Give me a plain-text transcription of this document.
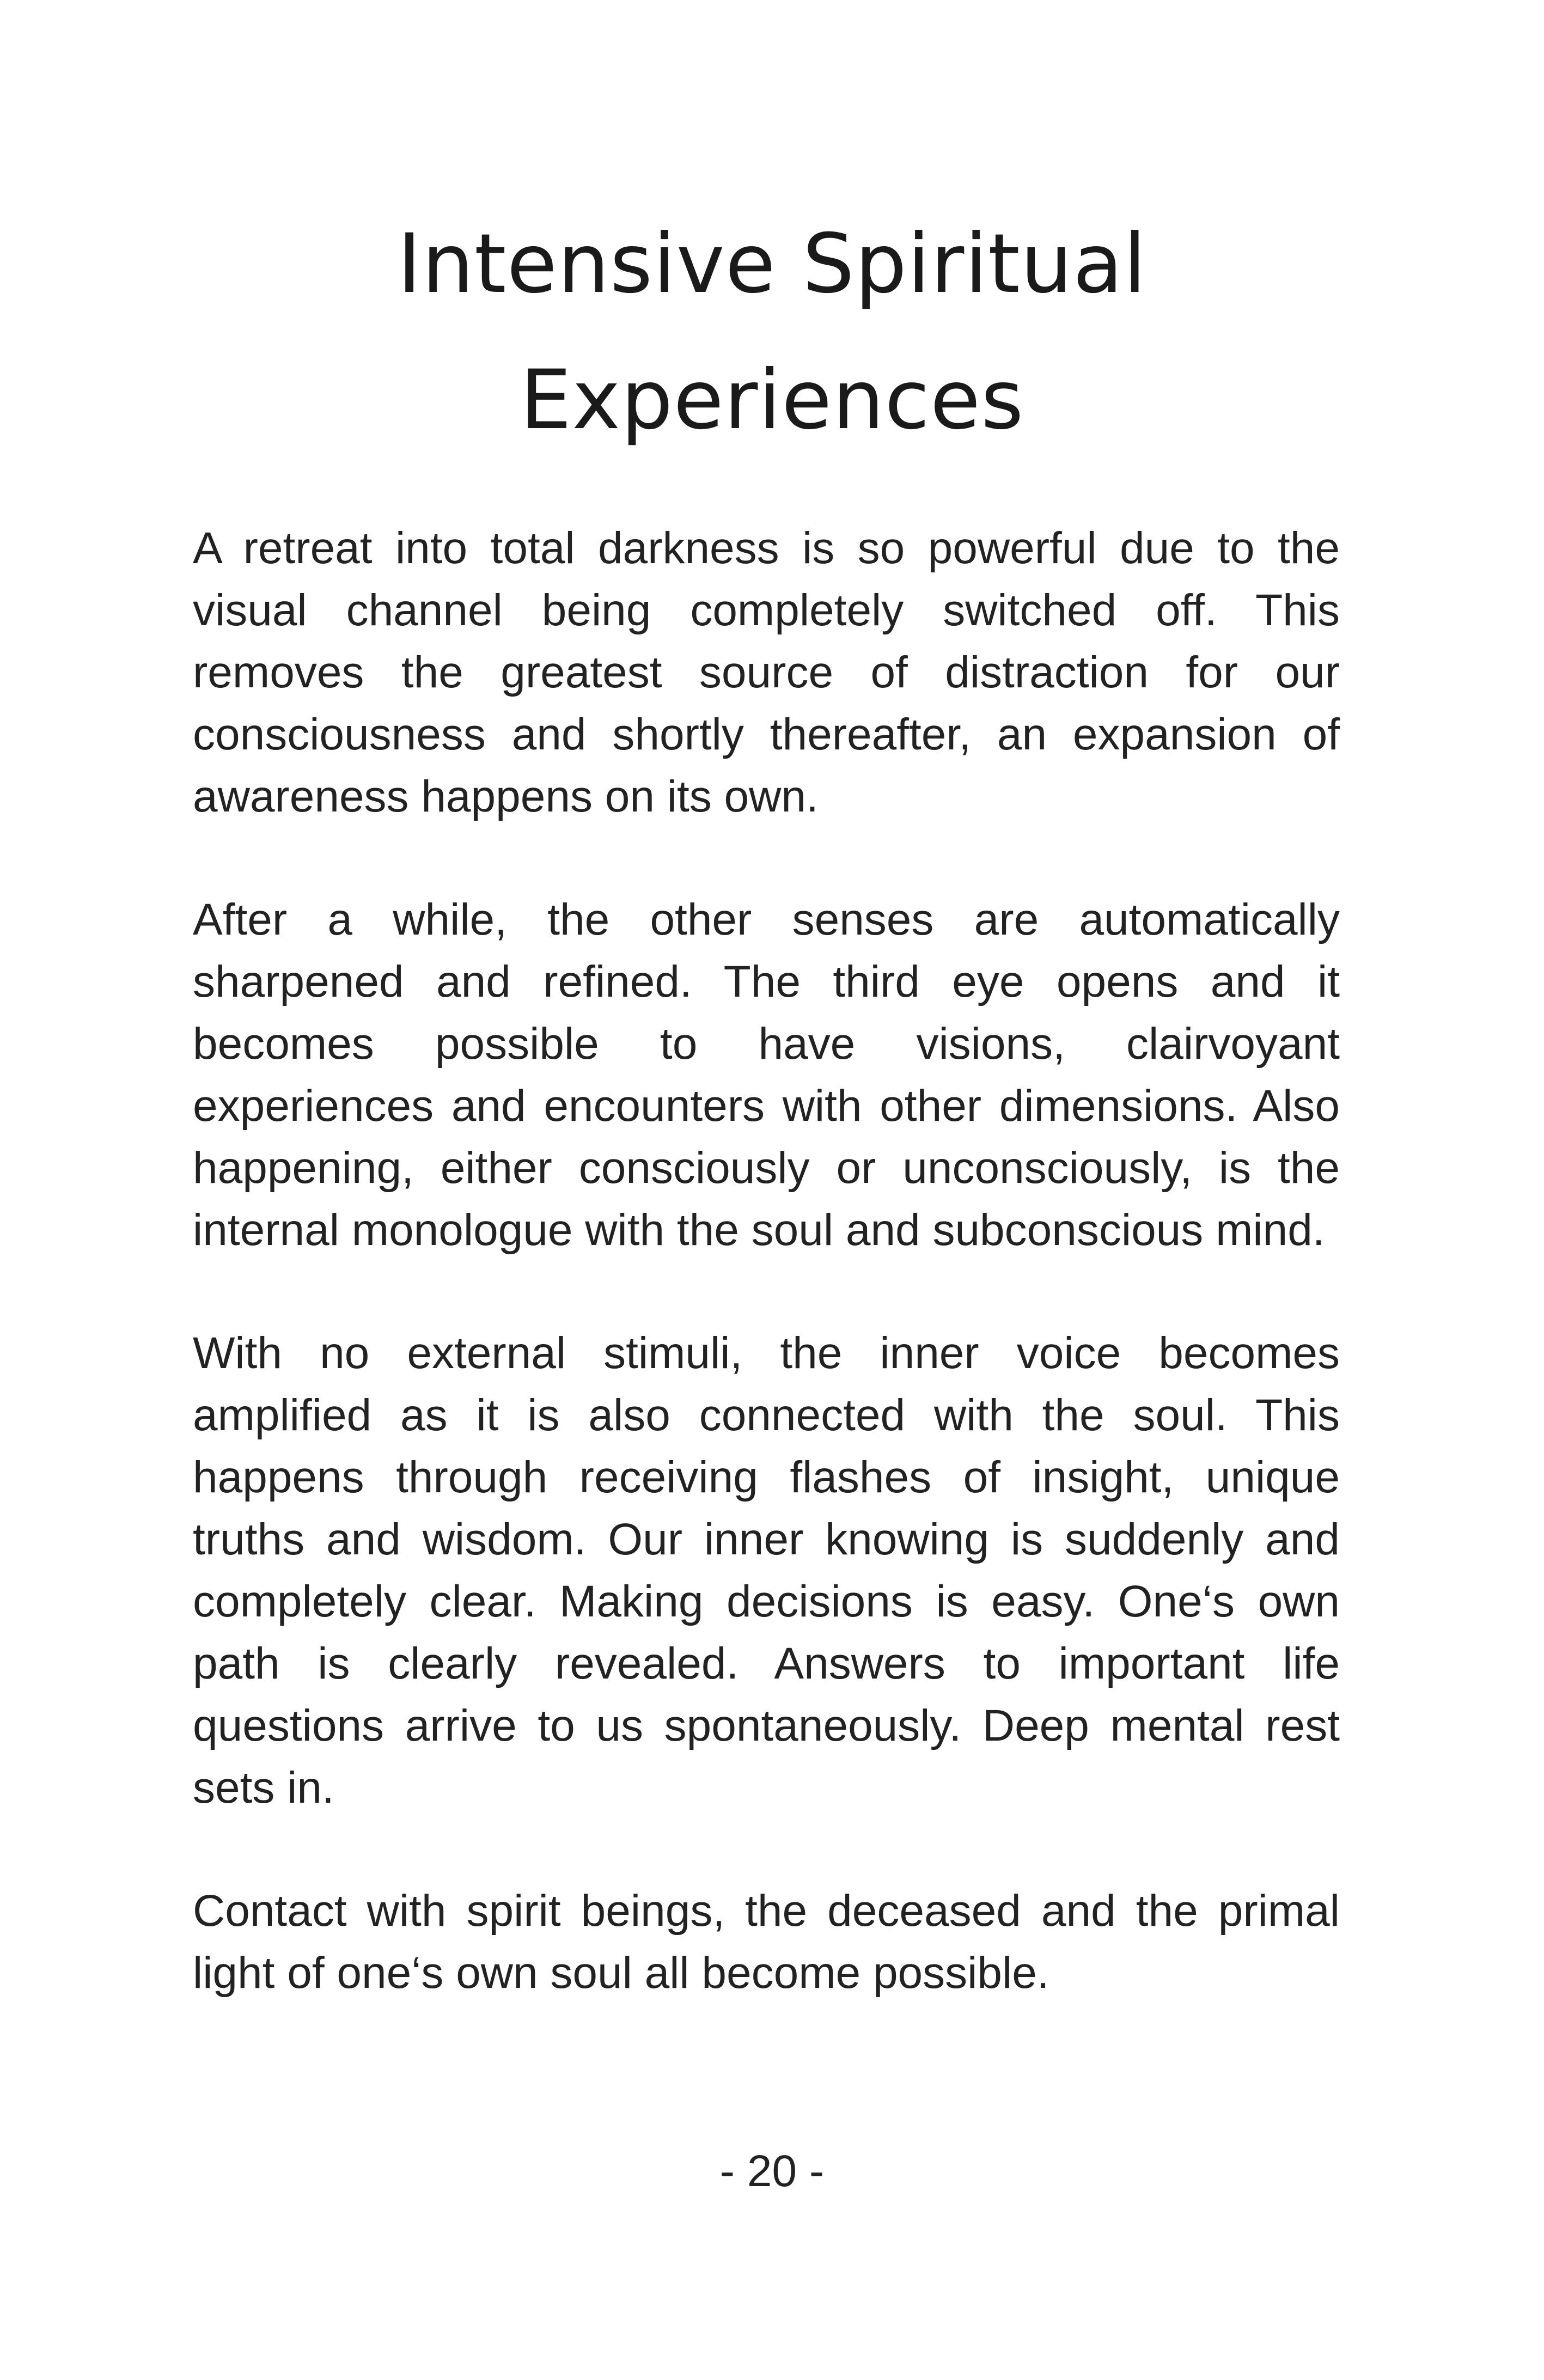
Intensive Spiritual
Experiences

A retreat into total darkness is so powerful due to the visual channel being completely switched off. This removes the greatest source of distraction for our consciousness and shortly thereafter, an expansion of awareness happens on its own.

After a while, the other senses are automatically sharpened and refined. The third eye opens and it becomes possible to have visions, clairvoyant experiences and encounters with other dimensions. Also happening, either consciously or unconsciously, is the internal monologue with the soul and subconscious mind.

With no external stimuli, the inner voice becomes amplified as it is also connected with the soul. This happens through receiving flashes of insight, unique truths and wisdom. Our inner knowing is suddenly and completely clear. Making decisions is easy. One‘s own path is clearly revealed. Answers to important life questions arrive to us spontaneously. Deep mental rest sets in.

Contact with spirit beings, the deceased and the primal light of one‘s own soul all become possible.

- 20 -
